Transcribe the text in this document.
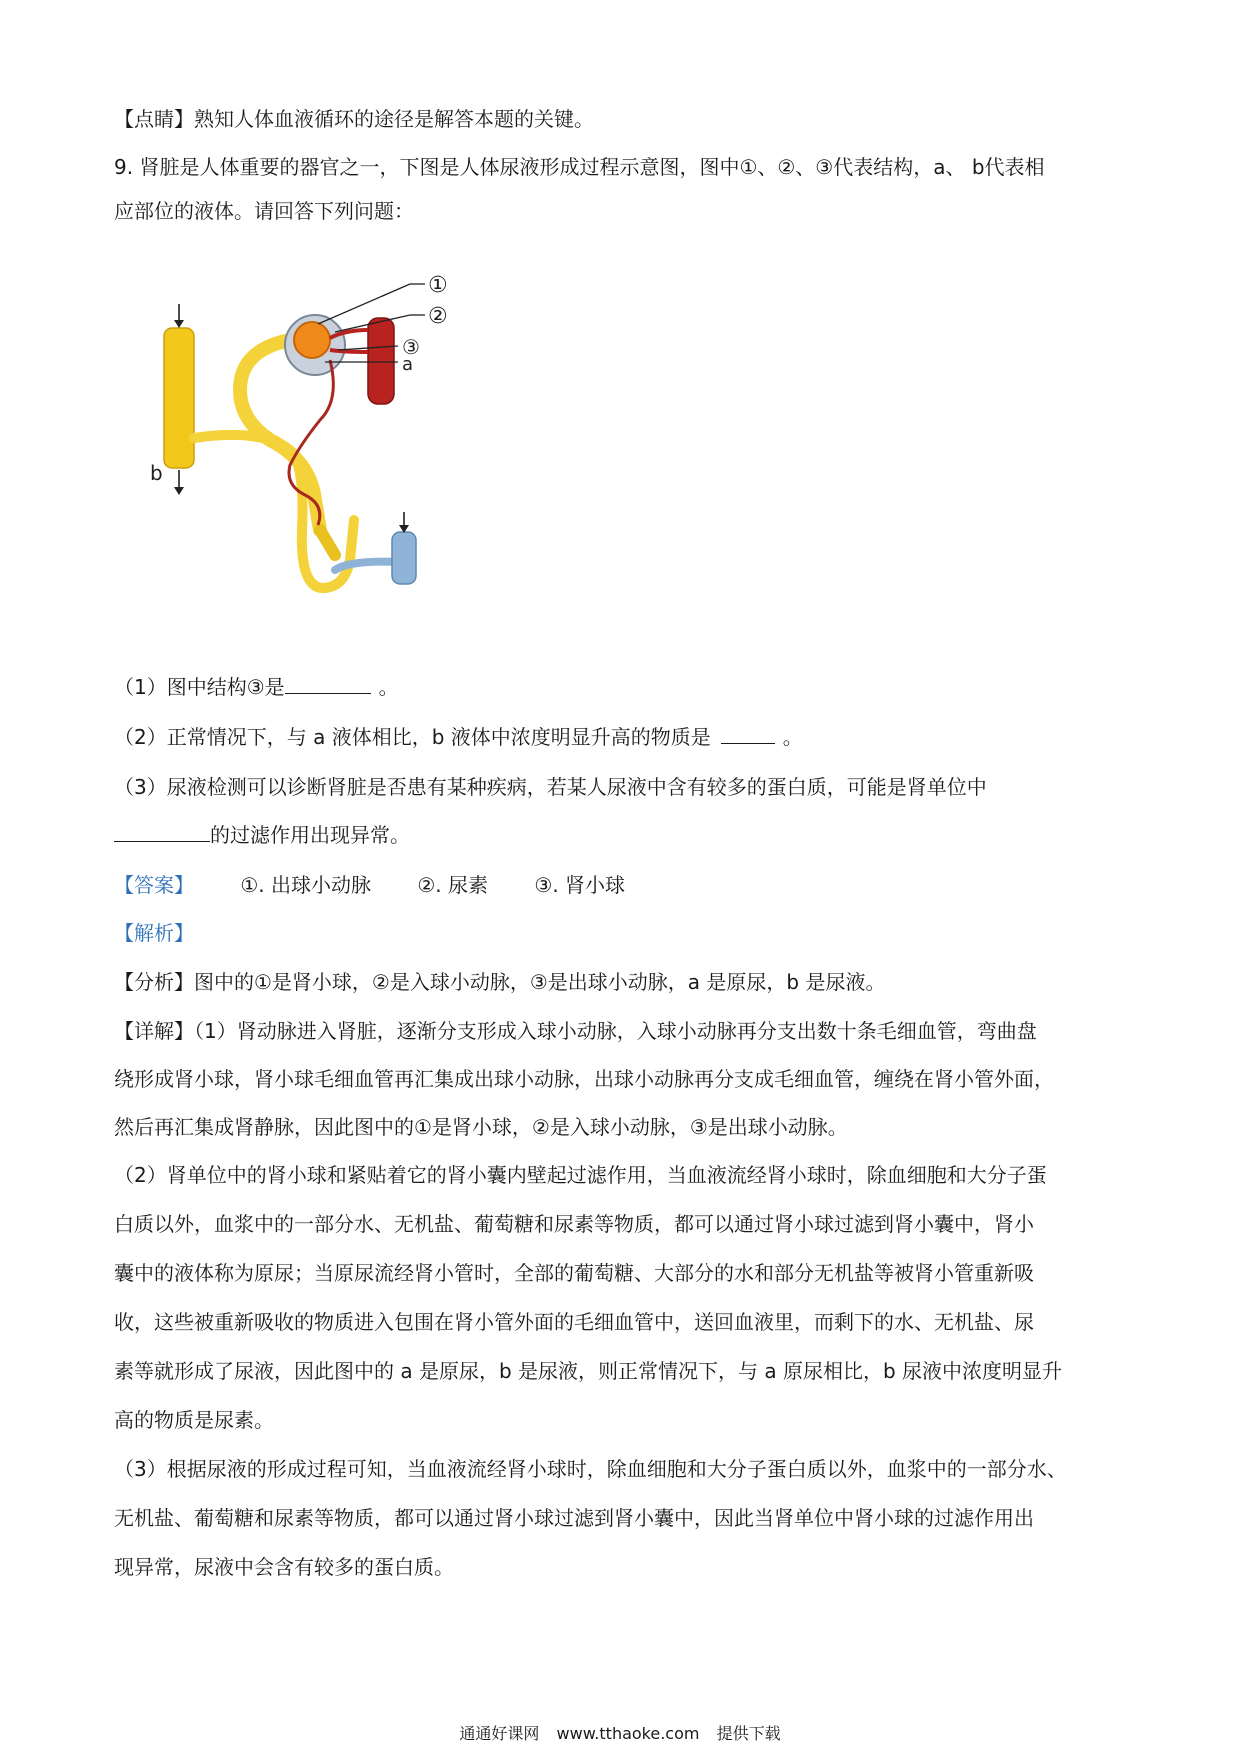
【点睛】熟知人体血液循环的途径是解答本题的关键。
9. 肾脏是人体重要的器官之一，下图是人体尿液形成过程示意图，图中①、②、③代表结构，a、 b代表相
应部位的液体。请回答下列问题：
①
②
③
a
b
（1）图中结构③是	。
（2）正常情况下，与 a 液体相比，b 液体中浓度明显升高的物质是	。
（3）尿液检测可以诊断肾脏是否患有某种疾病，若某人尿液中含有较多的蛋白质，可能是肾单位中
的过滤作用出现异常。
【答案】 ①. 出球小动脉 ②. 尿素 ③. 肾小球
【解析】
【分析】图中的①是肾小球，②是入球小动脉，③是出球小动脉，a 是原尿，b 是尿液。
【详解】（1）肾动脉进入肾脏，逐渐分支形成入球小动脉，入球小动脉再分支出数十条毛细血管，弯曲盘
绕形成肾小球，肾小球毛细血管再汇集成出球小动脉，出球小动脉再分支成毛细血管，缠绕在肾小管外面，
然后再汇集成肾静脉，因此图中的①是肾小球，②是入球小动脉，③是出球小动脉。
（2）肾单位中的肾小球和紧贴着它的肾小囊内壁起过滤作用，当血液流经肾小球时，除血细胞和大分子蛋
白质以外，血浆中的一部分水、无机盐、葡萄糖和尿素等物质，都可以通过肾小球过滤到肾小囊中，肾小
囊中的液体称为原尿；当原尿流经肾小管时，全部的葡萄糖、大部分的水和部分无机盐等被肾小管重新吸
收，这些被重新吸收的物质进入包围在肾小管外面的毛细血管中，送回血液里，而剩下的水、无机盐、尿
素等就形成了尿液，因此图中的 a 是原尿，b 是尿液，则正常情况下，与 a 原尿相比，b 尿液中浓度明显升
高的物质是尿素。
（3）根据尿液的形成过程可知，当血液流经肾小球时，除血细胞和大分子蛋白质以外，血浆中的一部分水、
无机盐、葡萄糖和尿素等物质，都可以通过肾小球过滤到肾小囊中，因此当肾单位中肾小球的过滤作用出
现异常，尿液中会含有较多的蛋白质。
通通好课网 www.tthaoke.com 提供下载
